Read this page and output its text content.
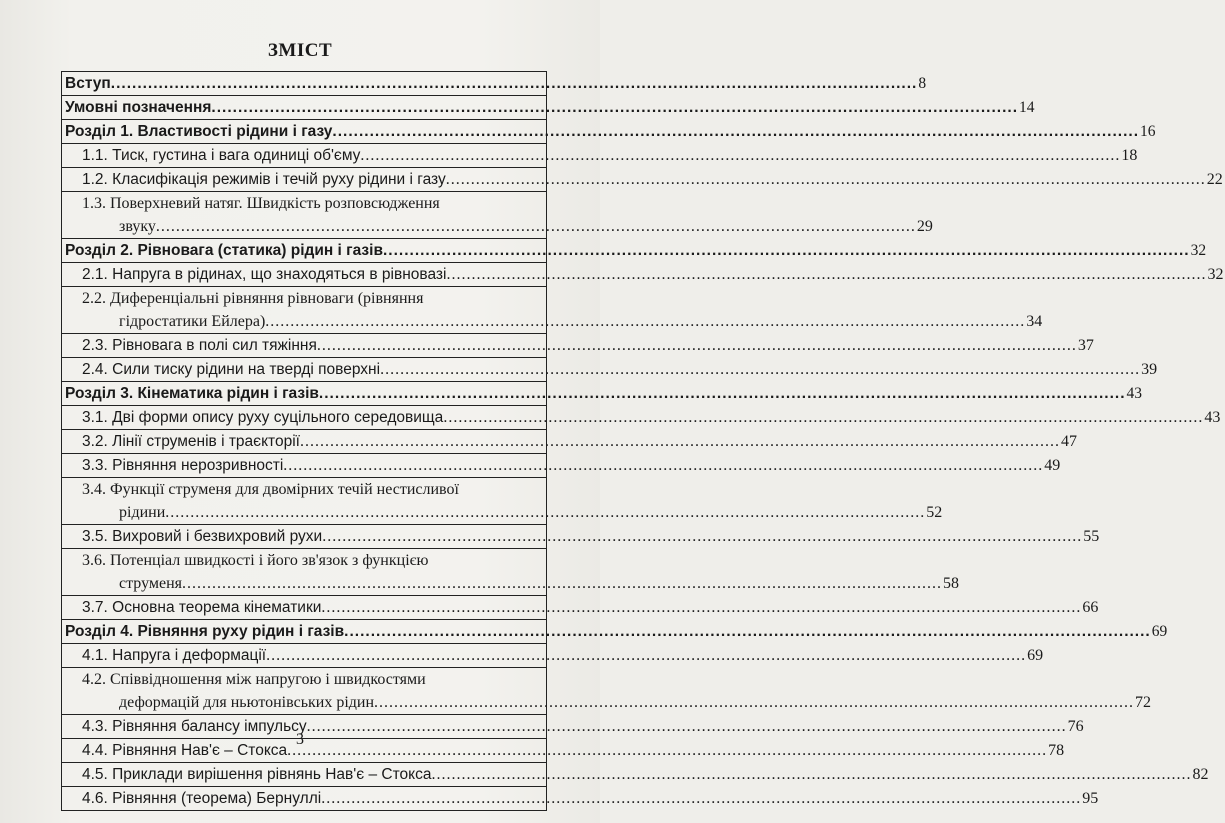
ЗМІСТ
Вступ .....	8
Умовні позначення .....	14
Розділ 1. Властивості рідини і газу .....	16
1.1. Тиск, густина і вага одиниці об'єму .....	18
1.2. Класифікація режимів і течій руху рідини і газу .....	22
1.3. Поверхневий натяг. Швидкість розповсюдження
звуку .....	29
Розділ 2. Рівновага (статика) рідин і газів .....	32
2.1. Напруга в рідинах, що знаходяться в рівновазі .....	32
2.2. Диференціальні рівняння рівноваги (рівняння
гідростатики Ейлера) .....	34
2.3. Рівновага в полі сил тяжіння .....	37
2.4. Сили тиску рідини на тверді поверхні .....	39
Розділ 3. Кінематика рідин і газів .....	43
3.1. Дві форми опису руху суцільного середовища .....	43
3.2. Лінії струменів і траєкторії .....	47
3.3. Рівняння нерозривності .....	49
3.4. Функції струменя для двомірних течій нестисливої
рідини .....	52
3.5. Вихровий і безвихровий рухи .....	55
3.6. Потенціал швидкості і його зв'язок з функцією
струменя .....	58
3.7. Основна теорема кінематики .....	66
Розділ 4. Рівняння руху рідин і газів .....	69
4.1. Напруга і деформації .....	69
4.2. Співвідношення між напругою і швидкостями
деформацій для ньютонівських рідин .....	72
4.3. Рівняння балансу імпульсу .....	76
4.4. Рівняння Нав'є – Стокса .....	78
4.5. Приклади вирішення рівнянь Нав'є – Стокса .....	82
4.6. Рівняння (теорема) Бернуллі .....	95
3
